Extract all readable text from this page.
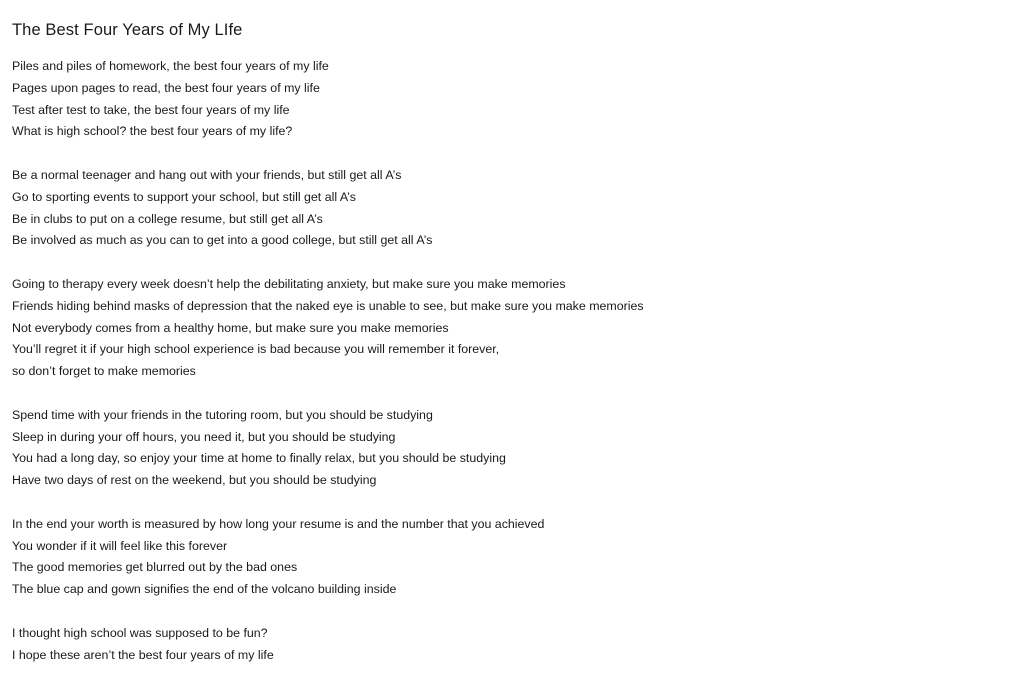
The Best Four Years of My LIfe
Piles and piles of homework, the best four years of my life
Pages upon pages to read, the best four years of my life
Test after test to take, the best four years of my life
What is high school? the best four years of my life?
Be a normal teenager and hang out with your friends, but still get all A’s
Go to sporting events to support your school, but still get all A’s
Be in clubs to put on a college resume, but still get all A’s
Be involved as much as you can to get into a good college, but still get all A’s
Going to therapy every week doesn’t help the debilitating anxiety, but make sure you make memories
Friends hiding behind masks of depression that the naked eye is unable to see, but make sure you make memories
Not everybody comes from a healthy home, but make sure you make memories
You’ll regret it if your high school experience is bad because you will remember it forever,
so don’t forget to make memories
Spend time with your friends in the tutoring room, but you should be studying
Sleep in during your off hours, you need it, but you should be studying
You had a long day, so enjoy your time at home to finally relax, but you should be studying
Have two days of rest on the weekend, but you should be studying
In the end your worth is measured by how long your resume is and the number that you achieved
You wonder if it will feel like this forever
The good memories get blurred out by the bad ones
The blue cap and gown signifies the end of the volcano building inside
I thought high school was supposed to be fun?
I hope these aren’t the best four years of my life
